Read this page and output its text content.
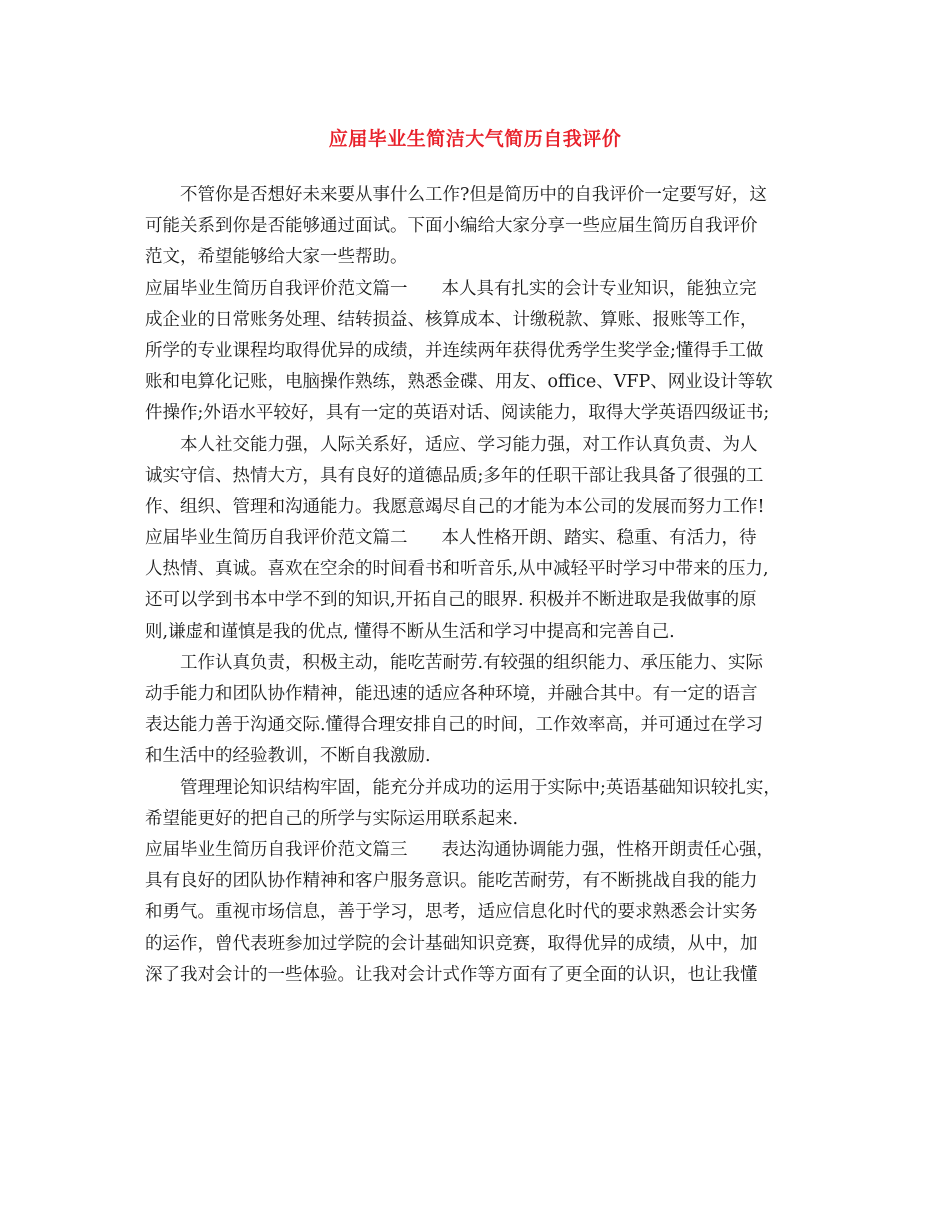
应届毕业生简洁大气简历自我评价
不管你是否想好未来要从事什么工作?但是简历中的自我评价一定要写好，这
可能关系到你是否能够通过面试。下面小编给大家分享一些应届生简历自我评价
范文，希望能够给大家一些帮助。
应届毕业生简历自我评价范文篇一 本人具有扎实的会计专业知识，能独立完
成企业的日常账务处理、结转损益、核算成本、计缴税款、算账、报账等工作，
所学的专业课程均取得优异的成绩，并连续两年获得优秀学生奖学金;懂得手工做
账和电算化记账，电脑操作熟练，熟悉金碟、用友、office、VFP、网业设计等软
件操作;外语水平较好，具有一定的英语对话、阅读能力，取得大学英语四级证书;
本人社交能力强，人际关系好，适应、学习能力强，对工作认真负责、为人
诚实守信、热情大方，具有良好的道德品质;多年的任职干部让我具备了很强的工
作、组织、管理和沟通能力。我愿意竭尽自己的才能为本公司的发展而努力工作!
应届毕业生简历自我评价范文篇二 本人性格开朗、踏实、稳重、有活力，待
人热情、真诚。喜欢在空余的时间看书和听音乐,从中减轻平时学习中带来的压力,
还可以学到书本中学不到的知识,开拓自己的眼界. 积极并不断进取是我做事的原
则,谦虚和谨慎是我的优点, 懂得不断从生活和学习中提高和完善自己.
工作认真负责，积极主动，能吃苦耐劳.有较强的组织能力、承压能力、实际
动手能力和团队协作精神，能迅速的适应各种环境，并融合其中。有一定的语言
表达能力善于沟通交际.懂得合理安排自己的时间，工作效率高，并可通过在学习
和生活中的经验教训，不断自我激励.
管理理论知识结构牢固，能充分并成功的运用于实际中;英语基础知识较扎实，
希望能更好的把自己的所学与实际运用联系起来.
应届毕业生简历自我评价范文篇三 表达沟通协调能力强，性格开朗责任心强，
具有良好的团队协作精神和客户服务意识。能吃苦耐劳，有不断挑战自我的能力
和勇气。重视市场信息，善于学习，思考，适应信息化时代的要求熟悉会计实务
的运作，曾代表班参加过学院的会计基础知识竞赛，取得优异的成绩，从中，加
深了我对会计的一些体验。让我对会计式作等方面有了更全面的认识，也让我懂
